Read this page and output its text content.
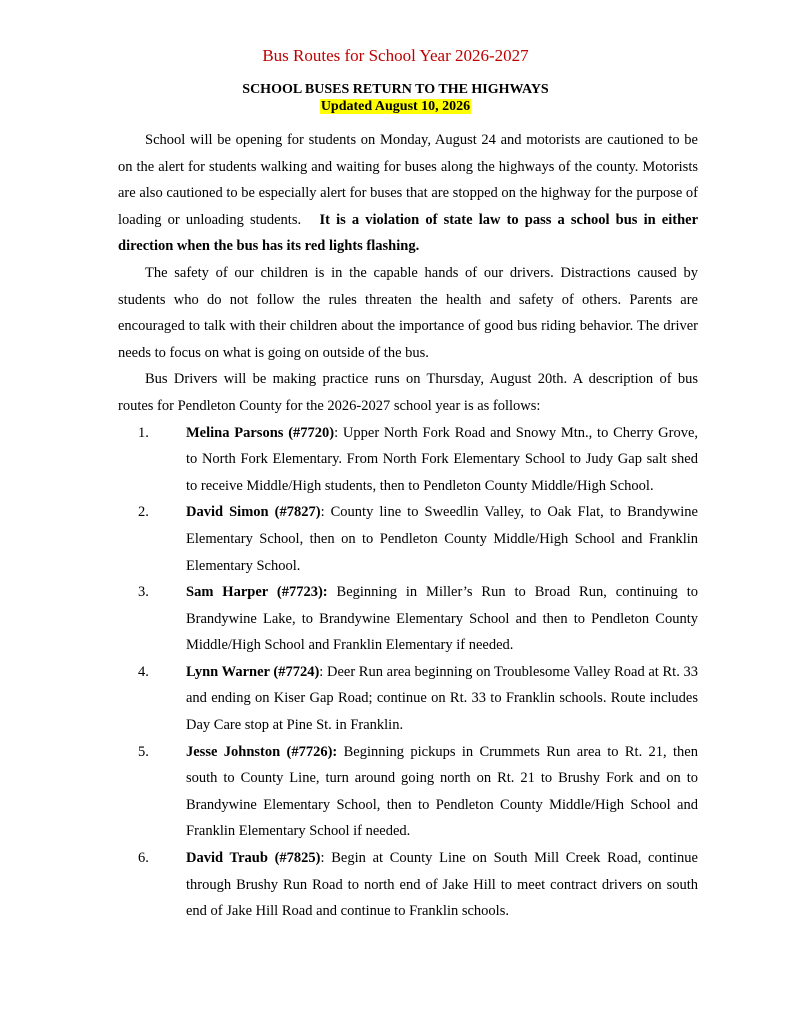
Bus Routes for School Year 2026-2027
SCHOOL BUSES RETURN TO THE HIGHWAYS
Updated August 10, 2026

School will be opening for students on Monday, August 24 and motorists are cautioned to be on the alert for students walking and waiting for buses along the highways of the county. Motorists are also cautioned to be especially alert for buses that are stopped on the highway for the purpose of loading or unloading students. It is a violation of state law to pass a school bus in either direction when the bus has its red lights flashing.

The safety of our children is in the capable hands of our drivers. Distractions caused by students who do not follow the rules threaten the health and safety of others. Parents are encouraged to talk with their children about the importance of good bus riding behavior. The driver needs to focus on what is going on outside of the bus.

Bus Drivers will be making practice runs on Thursday, August 20th. A description of bus routes for Pendleton County for the 2026-2027 school year is as follows:

1.	Melina Parsons (#7720): Upper North Fork Road and Snowy Mtn., to Cherry Grove, to North Fork Elementary. From North Fork Elementary School to Judy Gap salt shed to receive Middle/High students, then to Pendleton County Middle/High School.
2.	David Simon (#7827): County line to Sweedlin Valley, to Oak Flat, to Brandywine Elementary School, then on to Pendleton County Middle/High School and Franklin Elementary School.
3.	Sam Harper (#7723): Beginning in Miller’s Run to Broad Run, continuing to Brandywine Lake, to Brandywine Elementary School and then to Pendleton County Middle/High School and Franklin Elementary if needed.
4.	Lynn Warner (#7724): Deer Run area beginning on Troublesome Valley Road at Rt. 33 and ending on Kiser Gap Road; continue on Rt. 33 to Franklin schools. Route includes Day Care stop at Pine St. in Franklin.
5.	Jesse Johnston (#7726): Beginning pickups in Crummets Run area to Rt. 21, then south to County Line, turn around going north on Rt. 21 to Brushy Fork and on to Brandywine Elementary School, then to Pendleton County Middle/High School and Franklin Elementary School if needed.
6.	David Traub (#7825): Begin at County Line on South Mill Creek Road, continue through Brushy Run Road to north end of Jake Hill to meet contract drivers on south end of Jake Hill Road and continue to Franklin schools.
